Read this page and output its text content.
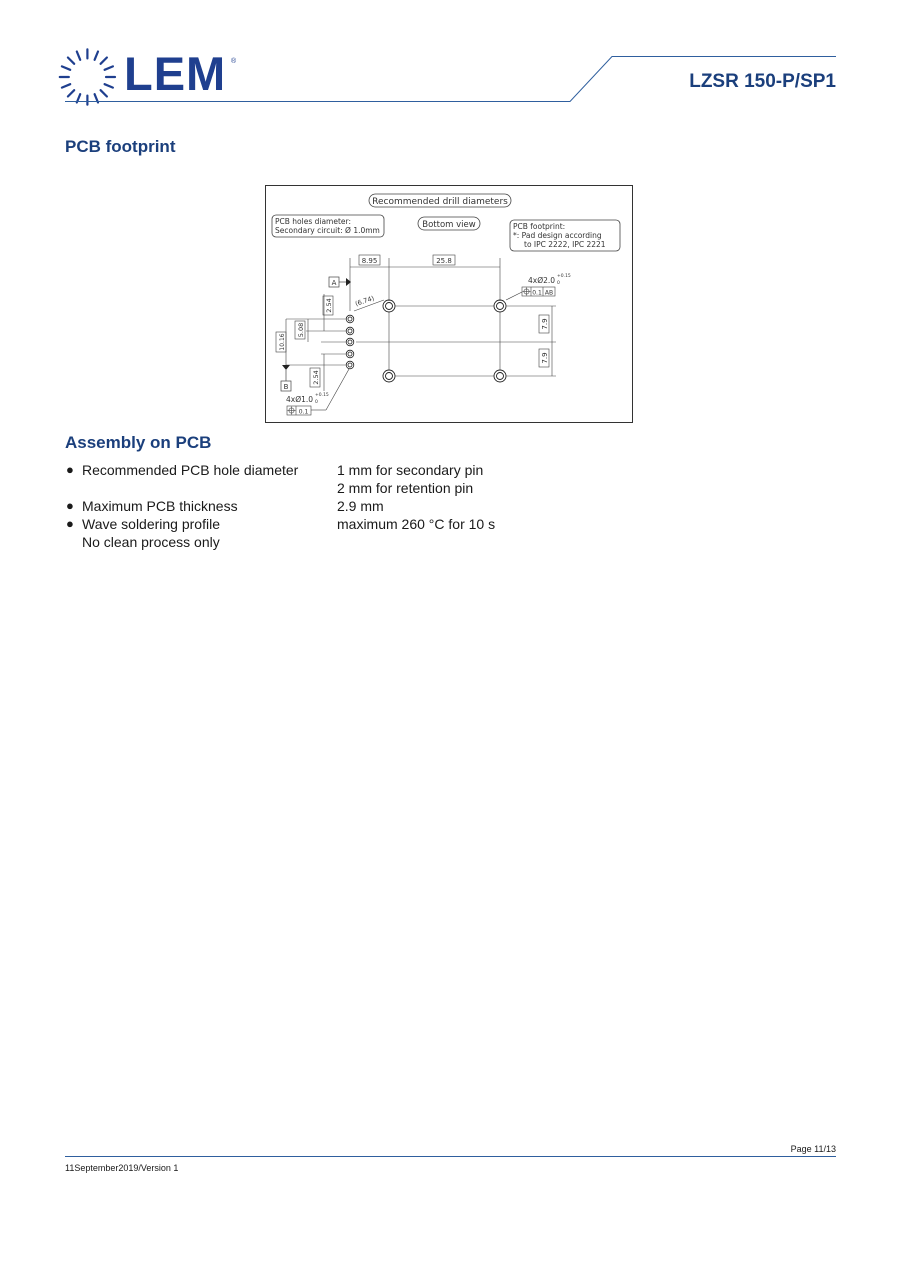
LEM ®
LZSR 150-P/SP1
PCB footprint
Recommended drill diameters
PCB holes diameter:
Secondary circuit: Ø 1.0mm
Bottom view	PCB footprint:
*: Pad design according
to IPC 2222, IPC 2221
8.95	25.8
A
(6.74)
7.9
7.9
4xØ2.0 +0.15
0
0.1 AB
2.54
5.08
10.16
2.54
B
4xØ1.0 +0.15
0
0.1
Assembly on PCB
● Recommended PCB hole diameter	1 mm for secondary pin
2 mm for retention pin
● Maximum PCB thickness	2.9 mm
● Wave soldering profile	maximum 260 °C for 10 s
No clean process only
Page 11/13
11September2019/Version 1
